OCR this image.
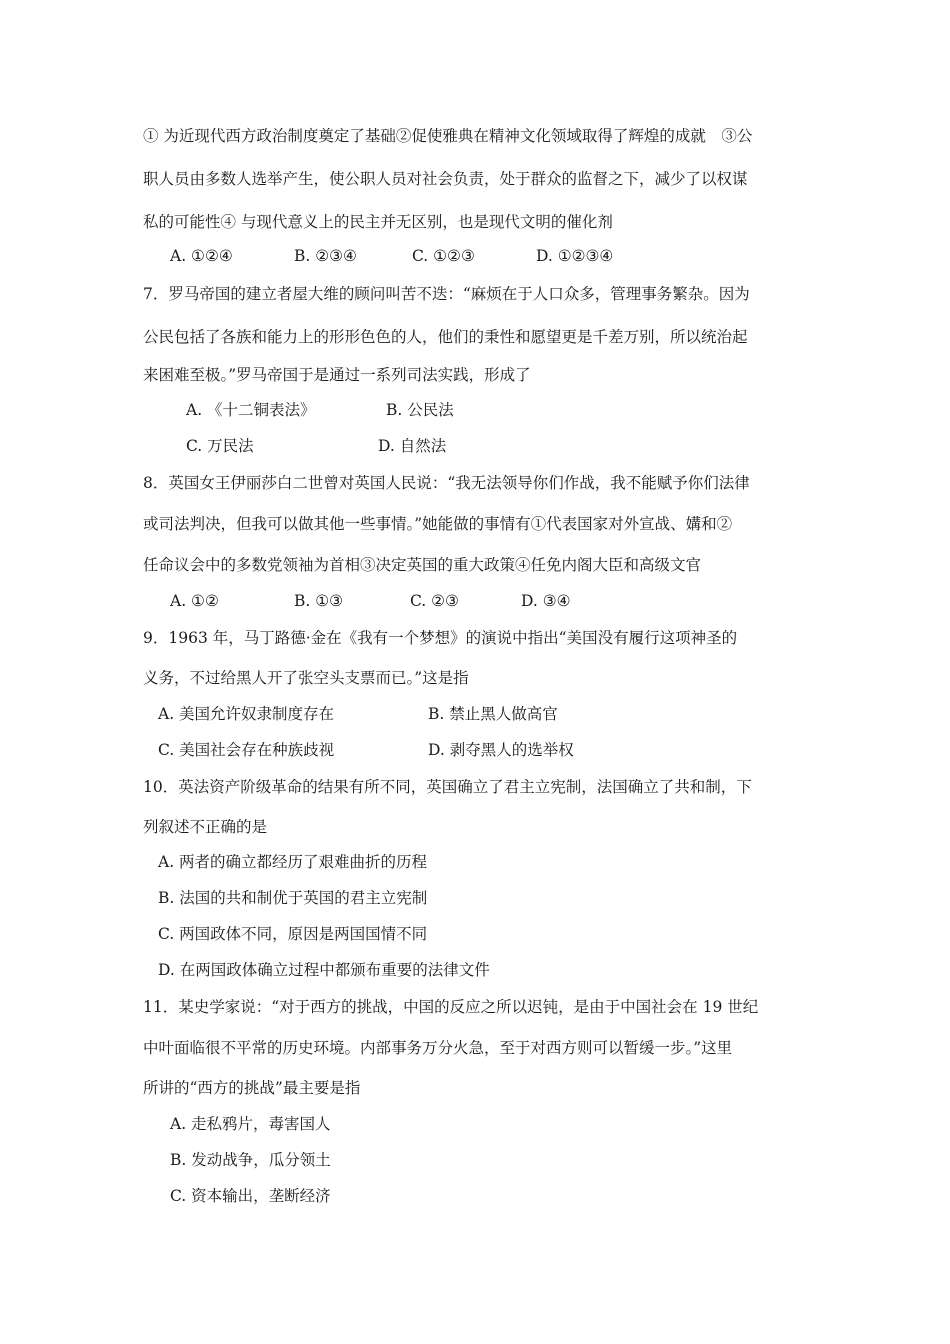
① 为近现代西方政治制度奠定了基础②促使雅典在精神文化领域取得了辉煌的成就　③公
职人员由多数人选举产生，使公职人员对社会负责，处于群众的监督之下，减少了以权谋
私的可能性④ 与现代意义上的民主并无区别，也是现代文明的催化剂
A. ①②④	B. ②③④	C. ①②③	D. ①②③④
7．罗马帝国的建立者屋大维的顾问叫苦不迭：“麻烦在于人口众多，管理事务繁杂。因为
公民包括了各族和能力上的形形色色的人，他们的秉性和愿望更是千差万别，所以统治起
来困难至极。”罗马帝国于是通过一系列司法实践，形成了
A. 《十二铜表法》	B. 公民法
C. 万民法	D. 自然法
8．英国女王伊丽莎白二世曾对英国人民说：“我无法领导你们作战，我不能赋予你们法律
或司法判决，但我可以做其他一些事情。”她能做的事情有①代表国家对外宣战、媾和②
任命议会中的多数党领袖为首相③决定英国的重大政策④任免内阁大臣和高级文官
A. ①②	B. ①③	C. ②③	D. ③④
9．1963 年，马丁路德·金在《我有一个梦想》的演说中指出“美国没有履行这项神圣的
义务，不过给黑人开了张空头支票而已。”这是指
A. 美国允许奴隶制度存在	B. 禁止黑人做高官
C. 美国社会存在种族歧视	D. 剥夺黑人的选举权
10．英法资产阶级革命的结果有所不同，英国确立了君主立宪制，法国确立了共和制，下
列叙述不正确的是
A. 两者的确立都经历了艰难曲折的历程
B. 法国的共和制优于英国的君主立宪制
C. 两国政体不同，原因是两国国情不同
D. 在两国政体确立过程中都颁布重要的法律文件
11．某史学家说：“对于西方的挑战，中国的反应之所以迟钝，是由于中国社会在 19 世纪
中叶面临很不平常的历史环境。内部事务万分火急，至于对西方则可以暂缓一步。”这里
所讲的“西方的挑战”最主要是指
A. 走私鸦片，毒害国人
B. 发动战争，瓜分领土
C. 资本输出，垄断经济
